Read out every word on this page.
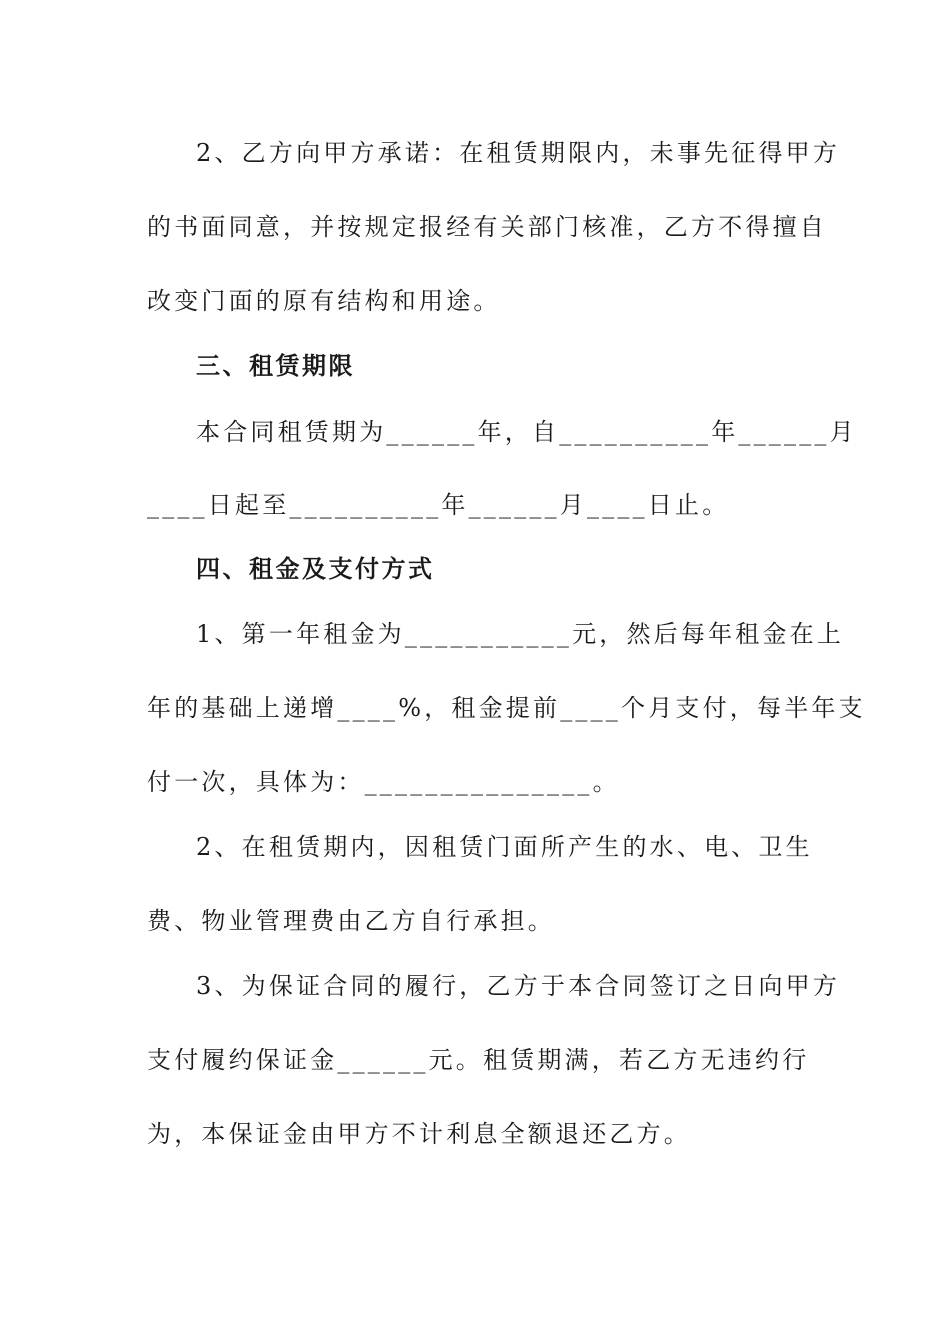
2、乙方向甲方承诺：在租赁期限内，未事先征得甲方
的书面同意，并按规定报经有关部门核准，乙方不得擅自
改变门面的原有结构和用途。
三、租赁期限
本合同租赁期为______年，自__________年______月
____日起至__________年______月____日止。
四、租金及支付方式
1、第一年租金为___________元，然后每年租金在上
年的基础上递增____%，租金提前____个月支付，每半年支
付一次，具体为：_______________。
2、在租赁期内，因租赁门面所产生的水、电、卫生
费、物业管理费由乙方自行承担。
3、为保证合同的履行，乙方于本合同签订之日向甲方
支付履约保证金______元。租赁期满，若乙方无违约行
为，本保证金由甲方不计利息全额退还乙方。
